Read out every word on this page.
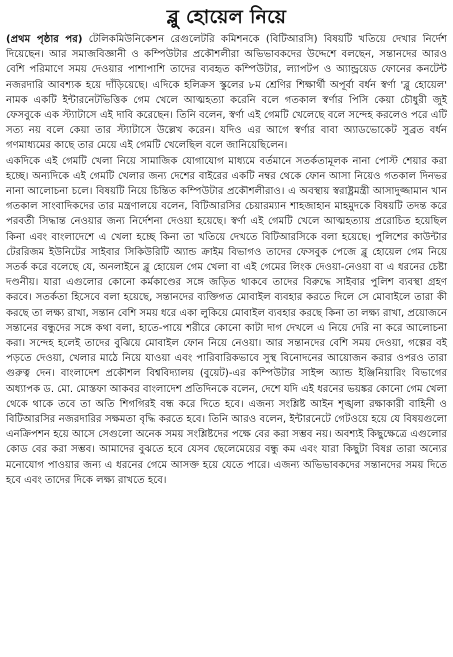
ব্লু হোয়েল নিয়ে

(প্রথম পৃষ্ঠার পর) টেলিকমিউনিকেশন রেগুলেটরি কমিশনকে (বিটিআরসি) বিষয়টি খতিয়ে দেখার নির্দেশ দিয়েছেন। আর সমাজবিজ্ঞানী ও কম্পিউটার প্রকৌশলীরা অভিভাবকদের উদ্দেশে বলছেন, সন্তানদের আরও বেশি পরিমাণে সময় দেওয়ার পাশাপাশি তাদের ব্যবহৃত কম্পিউটার, ল্যাপটপ ও অ্যান্ড্রয়েড ফোনের কনটেন্ট নজরদারি আবশ্যক হয়ে দাঁড়িয়েছে। এদিকে হলিক্রস স্কুলের ৮ম শ্রেণির শিক্ষার্থী অপূর্বা বর্ধন স্বর্ণা 'ব্লু হোয়েল' নামক একটি ইন্টারনেটভিত্তিক গেম খেলে আত্মহত্যা করেনি বলে গতকাল স্বর্ণার পিসি কেয়া চৌধুরী জুই ফেসবুকে এক স্ট্যাটাসে এই দাবি করেছেন। তিনি বলেন, স্বর্ণা এই গেমটি খেলেছে বলে সন্দেহ করলেও পরে এটি সত্য নয় বলে কেয়া তার স্ট্যাটাসে উল্লেখ করেন। যদিও এর আগে স্বর্ণার বাবা অ্যাডভোকেট সুব্রত বর্ধন গণমাধ্যমের কাছে তার মেয়ে এই গেমটি খেলেছিল বলে জানিয়েছিলেন।

একদিকে এই গেমটি খেলা নিয়ে সামাজিক যোগাযোগ মাধ্যমে বর্তমানে সতর্কতামূলক নানা পোস্ট শেয়ার করা হচ্ছে। অন্যদিকে এই গেমটি খেলার জন্য দেশের বাইরের একটি নম্বর থেকে ফোন আসা নিয়েও গতকাল দিনভর নানা আলোচনা চলে। বিষয়টি নিয়ে চিন্তিত কম্পিউটার প্রকৌশলীরাও। এ অবস্থায় স্বরাষ্ট্রমন্ত্রী আসাদুজ্জামান খান গতকাল সাংবাদিকদের তার মন্ত্রণালয়ে বলেন, বিটিআরসির চেয়ারম্যান শাহজাহান মাহমুদকে বিষয়টি তদন্ত করে পরবর্তী সিদ্ধান্ত নেওয়ার জন্য নির্দেশনা দেওয়া হয়েছে। স্বর্ণা এই গেমটি খেলে আত্মহত্যায় প্ররোচিত হয়েছিল কিনা এবং বাংলাদেশে এ খেলা হচ্ছে কিনা তা খতিয়ে দেখতে বিটিআরসিকে বলা হয়েছে। পুলিশের কাউন্টার টেররিজম ইউনিটের সাইবার সিকিউরিটি অ্যান্ড ক্রাইম বিভাগও তাদের ফেসবুক পেজে ব্লু হোয়েল গেম নিয়ে সতর্ক করে বলেছে যে, অনলাইনে ব্লু হোয়েল গেম খেলা বা এই গেমের লিংক দেওয়া-নেওয়া বা এ ধরনের চেষ্টা দণ্ডনীয়। যারা এগুলোর কোনো কর্মকাণ্ডের সঙ্গে জড়িত থাকবে তাদের বিরুদ্ধে সাইবার পুলিশ ব্যবস্থা গ্রহণ করবে। সতর্কতা হিসেবে বলা হয়েছে, সন্তানদের ব্যক্তিগত মোবাইল ব্যবহার করতে দিলে সে মোবাইলে তারা কী করছে তা লক্ষ্য রাখা, সন্তান বেশি সময় ধরে একা লুকিয়ে মোবাইল ব্যবহার করছে কিনা তা লক্ষ্য রাখা, প্রয়োজনে সন্তানের বন্ধুদের সঙ্গে কথা বলা, হাতে-পায়ে শরীরে কোনো কাটা দাগ দেখলে এ নিয়ে দেরি না করে আলোচনা করা। সন্দেহ হলেই তাদের বুঝিয়ে মোবাইল ফোন নিয়ে নেওয়া। আর সন্তানদের বেশি সময় দেওয়া, গল্পের বই পড়তে দেওয়া, খেলার মাঠে নিয়ে যাওয়া এবং পারিবারিকভাবে সুস্থ বিনোদনের আয়োজন করার ওপরও তারা গুরুত্ব দেন। বাংলাদেশ প্রকৌশল বিশ্ববিদ্যালয় (বুয়েট)-এর কম্পিউটার সাইন্স অ্যান্ড ইঞ্জিনিয়ারিং বিভাগের অধ্যাপক ড. মো. মোস্তফা আকবর বাংলাদেশ প্রতিদিনকে বলেন, দেশে যদি এই ধরনের ভয়ঙ্কর কোনো গেম খেলা থেকে থাকে তবে তা অতি শিগগিরই বন্ধ করে দিতে হবে। এজন্য সংশ্লিষ্ট আইন শৃঙ্খলা রক্ষাকারী বাহিনী ও বিটিআরসির নজরদারির সক্ষমতা বৃদ্ধি করতে হবে। তিনি আরও বলেন, ইন্টারনেটে গেটওয়ে হয়ে যে বিষয়গুলো এনক্রিপশন হয়ে আসে সেগুলো অনেক সময় সংশ্লিষ্টদের পক্ষে বের করা সম্ভব নয়। অবশ্যই কিছুক্ষেত্রে এগুলোর কোড বের করা সম্ভব। আমাদের বুঝতে হবে যেসব ছেলেমেয়ের বন্ধু কম এবং যারা কিছুটা বিষণ্ণ তারা অন্যের মনোযোগ পাওয়ার জন্য এ ধরনের গেমে আসক্ত হয়ে যেতে পারে। এজন্য অভিভাবকদের সন্তানদের সময় দিতে হবে এবং তাদের দিকে লক্ষ্য রাখতে হবে।
